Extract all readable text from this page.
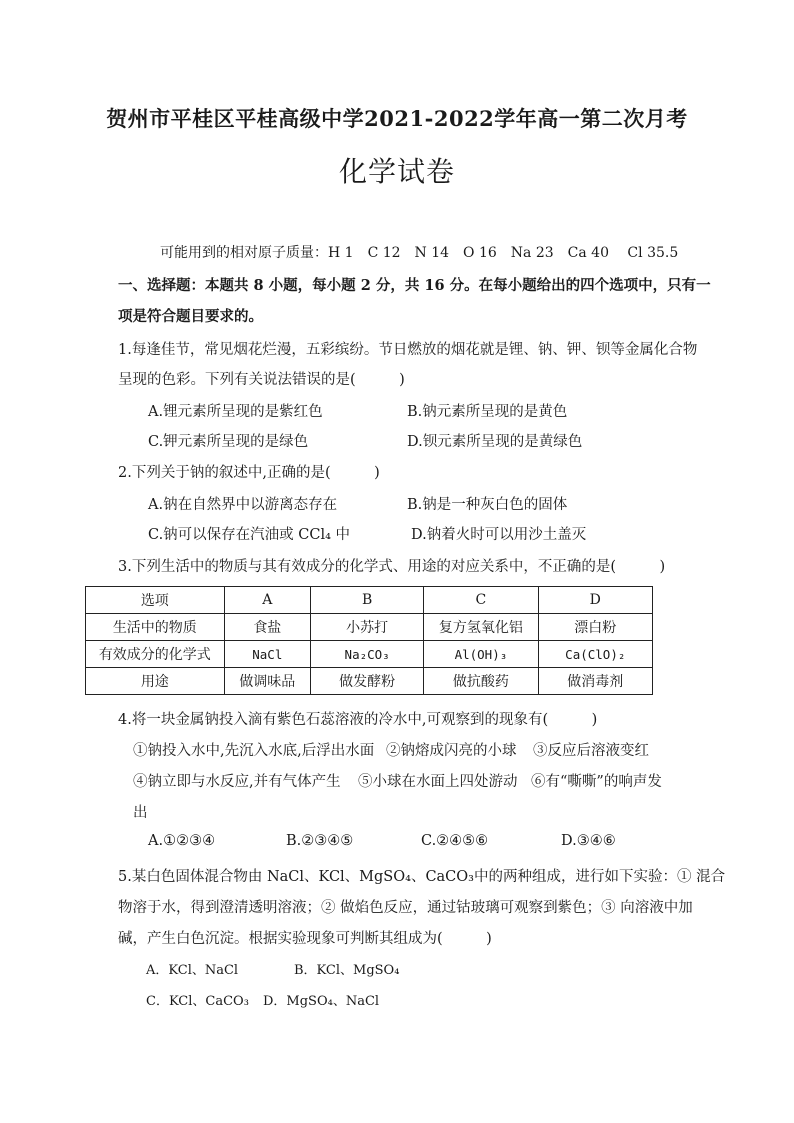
贺州市平桂区平桂高级中学2021-2022学年高一第二次月考
化学试卷
可能用到的相对原子质量：H 1　C 12　N 14　O 16　Na 23　Ca 40　 Cl 35.5
一、选择题：本题共 8 小题，每小题 2 分，共 16 分。在每小题给出的四个选项中，只有一
项是符合题目要求的。
1.每逢佳节，常见烟花烂漫，五彩缤纷。节日燃放的烟花就是锂、钠、钾、钡等金属化合物
呈现的色彩。下列有关说法错误的是(　　　)
A.锂元素所呈现的是紫红色	B.钠元素所呈现的是黄色
C.钾元素所呈现的是绿色	D.钡元素所呈现的是黄绿色
2.下列关于钠的叙述中,正确的是(　　　)
A.钠在自然界中以游离态存在	B.钠是一种灰白色的固体
C.钠可以保存在汽油或 CCl₄ 中	D.钠着火时可以用沙土盖灭
3.下列生活中的物质与其有效成分的化学式、用途的对应关系中，不正确的是(　　　)
选项	A	B	C	D
生活中的物质	食盐	小苏打	复方氢氧化铝	漂白粉
有效成分的化学式	NaCl	Na₂CO₃	Al(OH)₃	Ca(ClO)₂
用途	做调味品	做发酵粉	做抗酸药	做消毒剂
4.将一块金属钠投入滴有紫色石蕊溶液的冷水中,可观察到的现象有(　　　)
①钠投入水中,先沉入水底,后浮出水面 ②钠熔成闪亮的小球 ③反应后溶液变红
④钠立即与水反应,并有气体产生 ⑤小球在水面上四处游动 ⑥有“嘶嘶”的响声发
出
A.①②③④	B.②③④⑤	C.②④⑤⑥	D.③④⑥
5.某白色固体混合物由 NaCl、KCl、MgSO₄、CaCO₃中的两种组成，进行如下实验：① 混合
物溶于水，得到澄清透明溶液；② 做焰色反应，通过钴玻璃可观察到紫色；③ 向溶液中加
碱，产生白色沉淀。根据实验现象可判断其组成为(　　　)
A．KCl、NaCl	B．KCl、MgSO₄
C．KCl、CaCO₃ D．MgSO₄、NaCl
